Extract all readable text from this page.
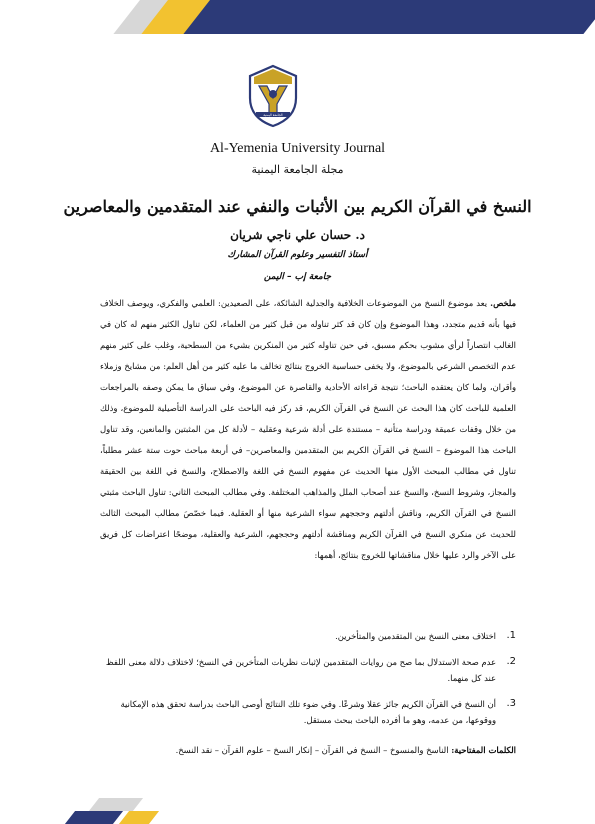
الجامعة اليمنية
Al-Yemenia University Journal
مجلة الجامعة اليمنية
النسخ في القرآن الكريم بين الأثبات والنفي عند المتقدمين والمعاصرين
د. حسان علي ناجي شريان
أستاذ التفسير وعلوم القرآن المشارك
جامعة إب – اليمن
ملخص. يعد موضوع النسخ من الموضوعات الخلافية والجدلية الشائكة، على الصعيدين: العلمي والفكري، ويوصف الخلاف فيها بأنه قديم متجدد، وهذا الموضوع وإن كان قد كثر تناوله من قبل كثير من العلماء، لكن تناول الكثير منهم له كان في الغالب انتصاراً لرأي مشوب بحكم مسبق، في حين تناوله كثير من المنكرين بشيء من السطحية، وغلب على كثير منهم عدم التخصص الشرعي بالموضوع، ولا يخفى حساسية الخروج بنتائج تخالف ما عليه كثير من أهل العلم: من مشايخ وزملاء وأقران، ولما كان يعتقده الباحث؛ نتيجة قراءاته الأحادية والقاصرة عن الموضوع، وفي سياق ما يمكن وصفه بالمراجعات العلمية للباحث كان هذا البحث عن النسخ في القرآن الكريم، قد ركز فيه الباحث على الدراسة التأصيلية للموضوع، وذلك من خلال وقفات عميقة ودراسة متأنية – مستندة على أدلة شرعية وعقلية – لأدلة كل من المثبتين والمانعين، وقد تناول الباحث هذا الموضوع – النسخ في القرآن الكريم بين المتقدمين والمعاصرين– في أربعة مباحث حوت ستة عشر مطلباً، تناول في مطالب المبحث الأول منها الحديث عن مفهوم النسخ في اللغة والاصطلاح، والنسخ في اللغة بين الحقيقة والمجاز، وشروط النسخ، والنسخ عند أصحاب الملل والمذاهب المختلفة. وفي مطالب المبحث الثاني: تناول الباحث مثبتي النسخ في القرآن الكريم، وناقش أدلتهم وحججهم سواء الشرعية منها أو العقلية. فيما خصّصَ مطالب المبحث الثالث للحديث عن منكري النسخ في القرآن الكريم ومناقشة أدلتهم وحججهم، الشرعية والعقلية، موضحًا اعتراضات كل فريق على الآخر والرد عليها خلال مناقشاتها للخروج بنتائج، أهمها:
1.
اختلاف معنى النسخ بين المتقدمين والمتأخرين.
2.
عدم صحة الاستدلال بما صح من روايات المتقدمين لإثبات نظريات المتأخرين في النسخ؛ لاختلاف دلالة معنى اللفظ عند كل منهما.
3.
أن النسخ في القرآن الكريم جائز عقلا وشرعًا. وفي ضوء تلك النتائج أوصى الباحث بدراسة تحقق هذه الإمكانية ووقوعها، من عدمه، وهو ما أفرده الباحث ببحث مستقل.
الكلمات المفتاحية: الناسخ والمنسوخ – النسخ في القرآن – إنكار النسخ – علوم القرآن – نقد النسخ.
